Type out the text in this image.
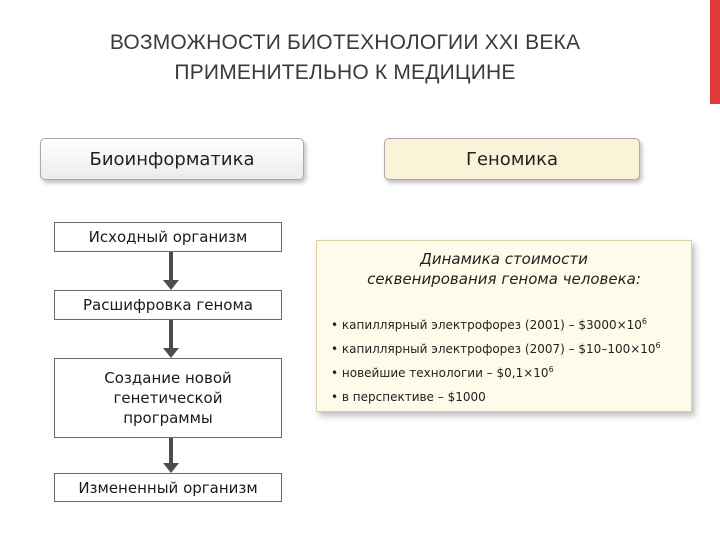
ВОЗМОЖНОСТИ БИОТЕХНОЛОГИИ XXI ВЕКА
ПРИМЕНИТЕЛЬНО К МЕДИЦИНЕ
Биоинформатика	Геномика
Исходный организм
Расшифровка генома
Создание новой
генетической
программы
Измененный организм
Динамика стоимости
секвенирования генома человека:
• капиллярный электрофорез $(2001) - \$3000\times 10^6$
• капиллярный электрофорез $(2007) - \$10-100\times 10^6$
• новейшие технологии – $\$0,1\times 10^6$
• в перспективе – $1000
